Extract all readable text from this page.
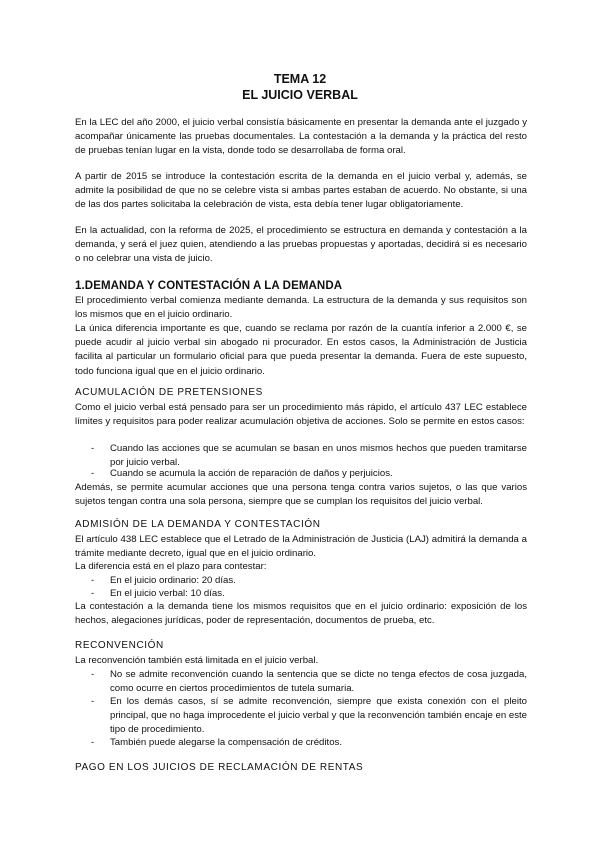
TEMA 12
EL JUICIO VERBAL

En la LEC del año 2000, el juicio verbal consistía básicamente en presentar la demanda ante el juzgado y acompañar únicamente las pruebas documentales. La contestación a la demanda y la práctica del resto de pruebas tenían lugar en la vista, donde todo se desarrollaba de forma oral.

A partir de 2015 se introduce la contestación escrita de la demanda en el juicio verbal y, además, se admite la posibilidad de que no se celebre vista si ambas partes estaban de acuerdo. No obstante, si una de las dos partes solicitaba la celebración de vista, esta debía tener lugar obligatoriamente.

En la actualidad, con la reforma de 2025, el procedimiento se estructura en demanda y contestación a la demanda, y será el juez quien, atendiendo a las pruebas propuestas y aportadas, decidirá si es necesario o no celebrar una vista de juicio.

1.DEMANDA Y CONTESTACIÓN A LA DEMANDA

El procedimiento verbal comienza mediante demanda. La estructura de la demanda y sus requisitos son los mismos que en el juicio ordinario.

La única diferencia importante es que, cuando se reclama por razón de la cuantía inferior a 2.000 €, se puede acudir al juicio verbal sin abogado ni procurador. En estos casos, la Administración de Justicia facilita al particular un formulario oficial para que pueda presentar la demanda. Fuera de este supuesto, todo funciona igual que en el juicio ordinario.

ACUMULACIÓN DE PRETENSIONES

Como el juicio verbal está pensado para ser un procedimiento más rápido, el artículo 437 LEC establece límites y requisitos para poder realizar acumulación objetiva de acciones. Solo se permite en estos casos:

- Cuando las acciones que se acumulan se basan en unos mismos hechos que pueden tramitarse por juicio verbal.

- Cuando se acumula la acción de reparación de daños y perjuicios.

Además, se permite acumular acciones que una persona tenga contra varios sujetos, o las que varios sujetos tengan contra una sola persona, siempre que se cumplan los requisitos del juicio verbal.

ADMISIÓN DE LA DEMANDA Y CONTESTACIÓN

El artículo 438 LEC establece que el Letrado de la Administración de Justicia (LAJ) admitirá la demanda a trámite mediante decreto, igual que en el juicio ordinario.

La diferencia está en el plazo para contestar:

- En el juicio ordinario: 20 días.

- En el juicio verbal: 10 días.

La contestación a la demanda tiene los mismos requisitos que en el juicio ordinario: exposición de los hechos, alegaciones jurídicas, poder de representación, documentos de prueba, etc.

RECONVENCIÓN

La reconvención también está limitada en el juicio verbal.

- No se admite reconvención cuando la sentencia que se dicte no tenga efectos de cosa juzgada, como ocurre en ciertos procedimientos de tutela sumaria.

- En los demás casos, sí se admite reconvención, siempre que exista conexión con el pleito principal, que no haga improcedente el juicio verbal y que la reconvención también encaje en este tipo de procedimiento.

- También puede alegarse la compensación de créditos.

PAGO EN LOS JUICIOS DE RECLAMACIÓN DE RENTAS
